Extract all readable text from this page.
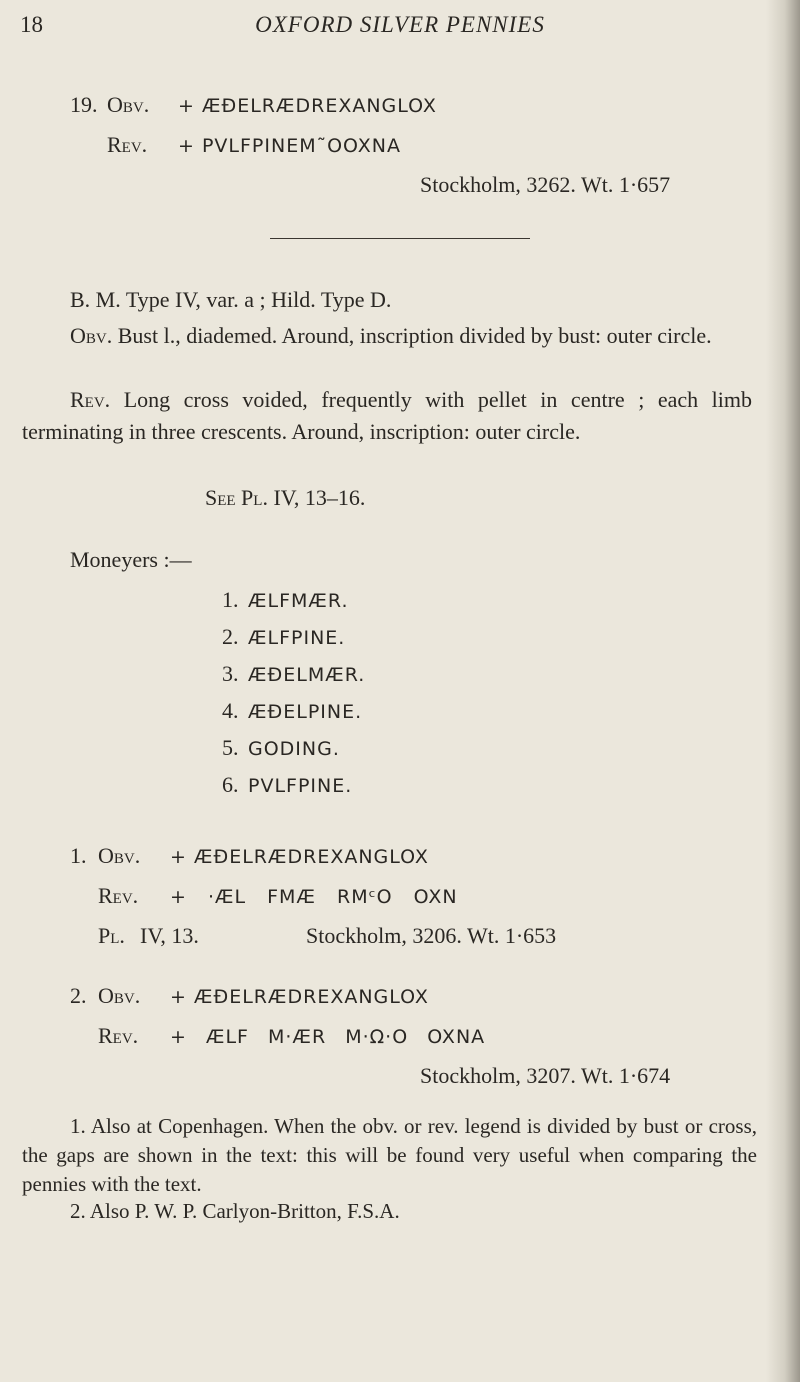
18	OXFORD SILVER PENNIES
19. Obv. + ÆÐELRÆDREXANGLOX
Rev. + PVLFPINEM˜OOXNA
Stockholm, 3262. Wt. 1·657
B. M. Type IV, var. a ; Hild. Type D.
Obv. Bust l., diademed. Around, inscription divided by bust: outer circle.
Rev. Long cross voided, frequently with pellet in centre ; each limb terminating in three crescents. Around, inscription: outer circle.
See Pl. IV, 13–16.
Moneyers :—
1. ÆLFMÆR.
2. ÆLFPINE.
3. ÆÐELMÆR.
4. ÆÐELPINE.
5. GODING.
6. PVLFPINE.
1. Obv. + ÆÐELRÆDREXANGLOX
Rev. + ·ÆL FMÆ RMᶜO OXN
Pl. IV, 13.	Stockholm, 3206. Wt. 1·653
2. Obv. + ÆÐELRÆDREXANGLOX
Rev. + ÆLF M·ÆR M·Ω·O OXNA
Stockholm, 3207. Wt. 1·674
1. Also at Copenhagen. When the obv. or rev. legend is divided by bust or cross, the gaps are shown in the text: this will be found very useful when comparing the pennies with the text.
2. Also P. W. P. Carlyon-Britton, F.S.A.
